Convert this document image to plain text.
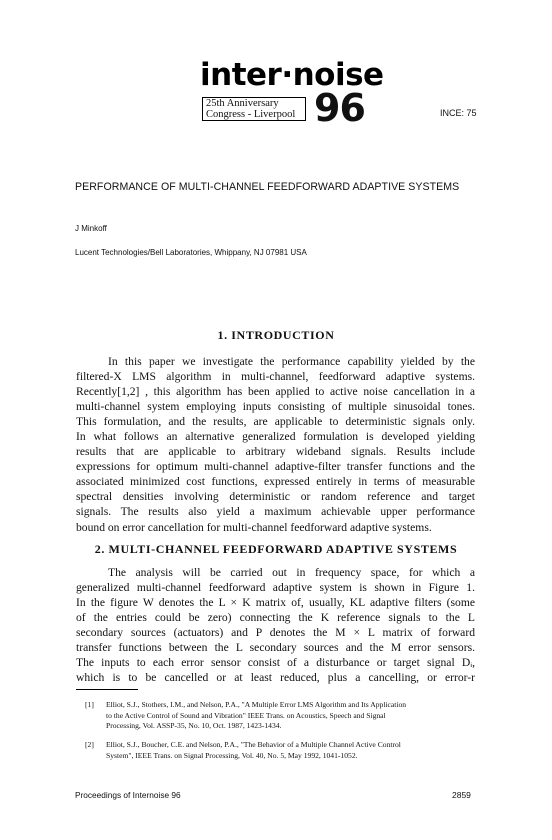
inter·noise
25th Anniversary
Congress - Liverpool 96	INCE: 75
PERFORMANCE OF MULTI-CHANNEL FEEDFORWARD ADAPTIVE SYSTEMS
J Minkoff
Lucent Technologies/Bell Laboratories, Whippany, NJ 07981 USA
1. INTRODUCTION
In this paper we investigate the performance capability yielded by the
filtered-X LMS algorithm in multi-channel, feedforward adaptive systems.
Recently[1,2] , this algorithm has been applied to active noise cancellation in a
multi-channel system employing inputs consisting of multiple sinusoidal tones.
This formulation, and the results, are applicable to deterministic signals only.
In what follows an alternative generalized formulation is developed yielding
results that are applicable to arbitrary wideband signals. Results include
expressions for optimum multi-channel adaptive-filter transfer functions and the
associated minimized cost functions, expressed entirely in terms of measurable
spectral densities involving deterministic or random reference and target
signals. The results also yield a maximum achievable upper performance
bound on error cancellation for multi-channel feedforward adaptive systems.
2. MULTI-CHANNEL FEEDFORWARD ADAPTIVE SYSTEMS
The analysis will be carried out in frequency space, for which a
generalized multi-channel feedforward adaptive system is shown in Figure 1.
In the figure W denotes the L × K matrix of, usually, KL adaptive filters (some
of the entries could be zero) connecting the K reference signals to the L
secondary sources (actuators) and P denotes the M × L matrix of forward
transfer functions between the L secondary sources and the M error sensors.
The inputs to each error sensor consist of a disturbance or target signal Dᵢ,
which is to be cancelled or at least reduced, plus a cancelling, or error-r
[1]	Elliot, S.J., Stothers, I.M., and Nelson, P.A., "A Multiple Error LMS Algorithm and Its Application
to the Active Control of Sound and Vibration" IEEE Trans. on Acoustics, Speech and Signal
Processing, Vol. ASSP-35, No. 10, Oct. 1987, 1423-1434.
[2]	Elliot, S.J., Boucher, C.E. and Nelson, P.A., "The Behavior of a Multiple Channel Active Control
System", IEEE Trans. on Signal Processing, Vol. 40, No. 5, May 1992, 1041-1052.
Proceedings of Internoise 96	2859
